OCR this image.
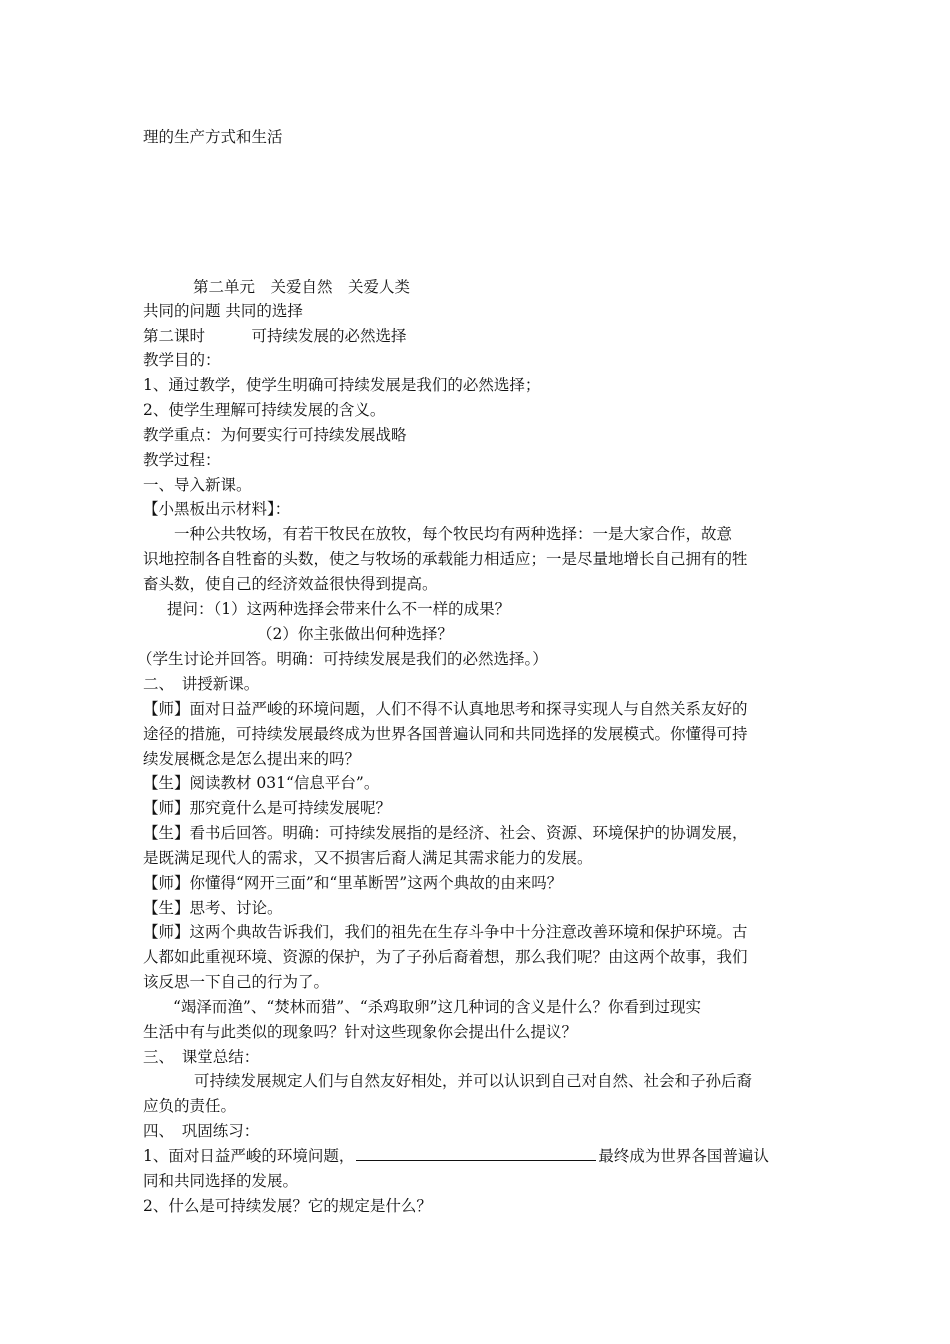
理的生产方式和生活
第二单元　关爱自然　关爱人类
共同的问题 共同的选择
第二课时　　　可持续发展的必然选择
教学目的：
1、通过教学，使学生明确可持续发展是我们的必然选择；
2、使学生理解可持续发展的含义。
教学重点：为何要实行可持续发展战略
教学过程：
一、导入新课。
【小黑板出示材料】：
一种公共牧场，有若干牧民在放牧，每个牧民均有两种选择：一是大家合作，故意
识地控制各自牲畜的头数，使之与牧场的承载能力相适应；一是尽量地增长自己拥有的牲
畜头数，使自己的经济效益很快得到提高。
提问：（1）这两种选择会带来什么不一样的成果？
（2）你主张做出何种选择？
（学生讨论并回答。明确：可持续发展是我们的必然选择。）
二、　讲授新课。
【师】面对日益严峻的环境问题，人们不得不认真地思考和探寻实现人与自然关系友好的
途径的措施，可持续发展最终成为世界各国普遍认同和共同选择的发展模式。你懂得可持
续发展概念是怎么提出来的吗？
【生】阅读教材 031“信息平台”。
【师】那究竟什么是可持续发展呢？
【生】看书后回答。明确：可持续发展指的是经济、社会、资源、环境保护的协调发展，
是既满足现代人的需求，又不损害后裔人满足其需求能力的发展。
【师】你懂得“网开三面”和“里革断罟”这两个典故的由来吗？
【生】思考、讨论。
【师】这两个典故告诉我们，我们的祖先在生存斗争中十分注意改善环境和保护环境。古
人都如此重视环境、资源的保护，为了子孙后裔着想，那么我们呢？由这两个故事，我们
该反思一下自己的行为了。
“竭泽而渔”、“焚林而猎”、“杀鸡取卵”这几种词的含义是什么？你看到过现实
生活中有与此类似的现象吗？针对这些现象你会提出什么提议？
三、　课堂总结：
可持续发展规定人们与自然友好相处，并可以认识到自己对自然、社会和子孙后裔
应负的责任。
四、　巩固练习：
1、面对日益严峻的环境问题，	最终成为世界各国普遍认
同和共同选择的发展。
2、什么是可持续发展？它的规定是什么？
